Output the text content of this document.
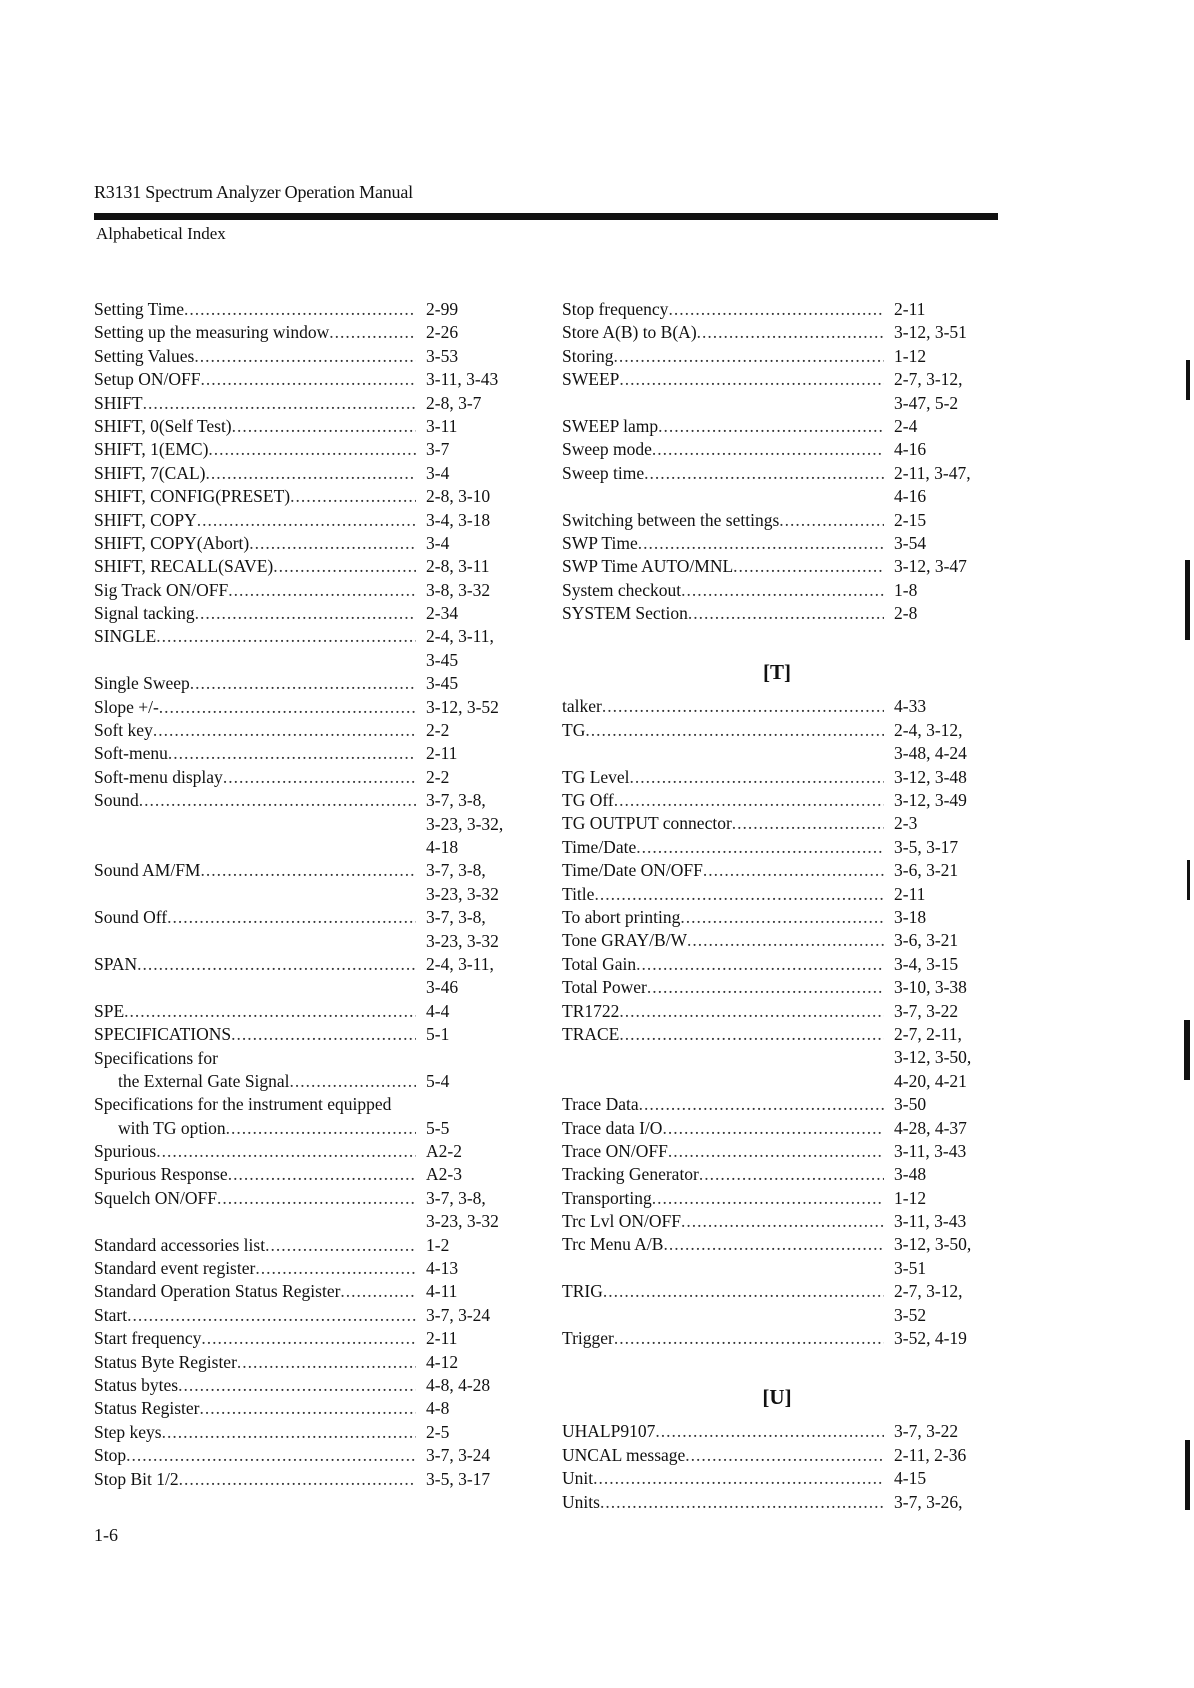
R3131 Spectrum Analyzer Operation Manual
Alphabetical Index
Setting Time .....	2-99
Setting up the measuring window .....	2-26
Setting Values .....	3-53
Setup ON/OFF .....	3-11, 3-43
SHIFT .....	2-8, 3-7
SHIFT, 0(Self Test) .....	3-11
SHIFT, 1(EMC) .....	3-7
SHIFT, 7(CAL) .....	3-4
SHIFT, CONFIG(PRESET) .....	2-8, 3-10
SHIFT, COPY .....	3-4, 3-18
SHIFT, COPY(Abort) .....	3-4
SHIFT, RECALL(SAVE) .....	2-8, 3-11
Sig Track ON/OFF .....	3-8, 3-32
Signal tacking .....	2-34
SINGLE .....	2-4, 3-11,
3-45
Single Sweep .....	3-45
Slope +/- .....	3-12, 3-52
Soft key .....	2-2
Soft-menu .....	2-11
Soft-menu display .....	2-2
Sound .....	3-7, 3-8,
3-23, 3-32,
4-18
Sound AM/FM .....	3-7, 3-8,
3-23, 3-32
Sound Off .....	3-7, 3-8,
3-23, 3-32
SPAN .....	2-4, 3-11,
3-46
SPE .....	4-4
SPECIFICATIONS .....	5-1
Specifications for
the External Gate Signal .....	5-4
Specifications for the instrument equipped
with TG option .....	5-5
Spurious .....	A2-2
Spurious Response .....	A2-3
Squelch ON/OFF .....	3-7, 3-8,
3-23, 3-32
Standard accessories list .....	1-2
Standard event register .....	4-13
Standard Operation Status Register .....	4-11
Start .....	3-7, 3-24
Start frequency .....	2-11
Status Byte Register .....	4-12
Status bytes .....	4-8, 4-28
Status Register .....	4-8
Step keys .....	2-5
Stop .....	3-7, 3-24
Stop Bit 1/2 .....	3-5, 3-17
Stop frequency .....	2-11
Store A(B) to B(A) .....	3-12, 3-51
Storing .....	1-12
SWEEP .....	2-7, 3-12,
3-47, 5-2
SWEEP lamp .....	2-4
Sweep mode .....	4-16
Sweep time .....	2-11, 3-47,
4-16
Switching between the settings .....	2-15
SWP Time .....	3-54
SWP Time AUTO/MNL .....	3-12, 3-47
System checkout .....	1-8
SYSTEM Section .....	2-8
[T]
talker .....	4-33
TG .....	2-4, 3-12,
3-48, 4-24
TG Level .....	3-12, 3-48
TG Off .....	3-12, 3-49
TG OUTPUT connector .....	2-3
Time/Date .....	3-5, 3-17
Time/Date ON/OFF .....	3-6, 3-21
Title .....	2-11
To abort printing .....	3-18
Tone GRAY/B/W .....	3-6, 3-21
Total Gain .....	3-4, 3-15
Total Power .....	3-10, 3-38
TR1722 .....	3-7, 3-22
TRACE .....	2-7, 2-11,
3-12, 3-50,
4-20, 4-21
Trace Data .....	3-50
Trace data I/O .....	4-28, 4-37
Trace ON/OFF .....	3-11, 3-43
Tracking Generator .....	3-48
Transporting .....	1-12
Trc Lvl ON/OFF .....	3-11, 3-43
Trc Menu A/B .....	3-12, 3-50,
3-51
TRIG .....	2-7, 3-12,
3-52
Trigger .....	3-52, 4-19
[U]
UHALP9107 .....	3-7, 3-22
UNCAL message .....	2-11, 2-36
Unit .....	4-15
Units .....	3-7, 3-26,
1-6
